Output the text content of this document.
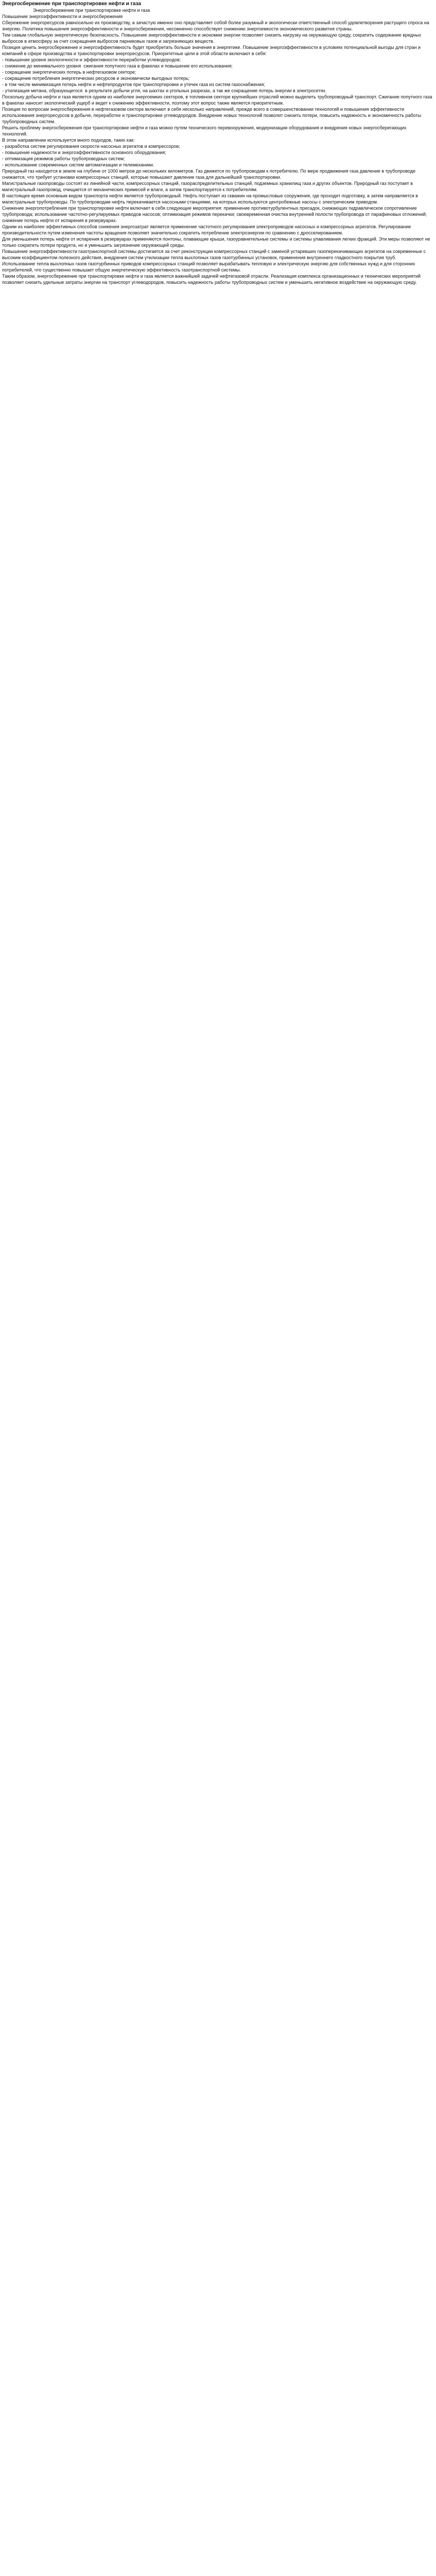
Энергосбережение при транспортировке нефти и газа
Энергосбережение при транспортировке нефти и газа

Повышение энергоэффективности и энергосбережения

Сбережение энергоресурсов равносильно их производству, а зачастую именно оно представляет собой более разумный и экологически ответственный способ удовлетворения растущего спроса на энергию. Политика повышения энергоэффективности и энергосбережения, несомненно способствует снижению энергоемкости экономического развития страны.

Тем самым глобальную энергетическую безопасность. Повышение энергоэффективности и экономии энергии позволяет снизить нагрузку на окружающую среду, сократить содержание вредных выбросов в атмосферу за счет сокращения выбросов парниковых газов и загрязняющих веществ.

Позиция ценить энергосбережение и энергоэффективность будет приобретать больше значения в энергетике. Повышение энергоэффективности в условиях потенциальной выгоды для стран и компаний в сфере производства и транспортировки энергоресурсов. Приоритетные цели в этой области включают в себя:

- повышение уровня экологичности и эффективности переработки углеводородов;

- снижение до минимального уровня  сжигания попутного газа в факелах и повышение его использования;

- сокращение энергетических потерь в нефтегазовом секторе;

- сокращение потребления энергетических ресурсов и экономически выгодных потерь;

- в том числе минимизация потерь нефти и нефтепродуктов при транспортировке и утечек газа из систем газоснабжения;

- утилизация метана, образующегося  в результате добычи угля, на шахтах и угольных разрезах, а так же сокращение потерь энергии в электросетях.

Поскольку добыча нефти и газа является одним из наиболее энергоемких секторов, в топливном секторе крупнейших отраслей можно выделить трубопроводный транспорт. Сжигание попутного газа в факелах наносит экологический ущерб и ведет к снижению эффективности, поэтому этот вопрос также является приоритетным.

Позиции по вопросам энергосбережения в нефтегазовом секторе включают в себя несколько направлений, прежде всего в совершенствовании технологий и повышения эффективности использования энергоресурсов в добыче, переработке и транспортировке углеводородов. Внедрение новых технологий позволит снизить потери, повысить надежность и экономичность работы трубопроводных систем.

Решить проблему энергосбережения при транспортировке нефти и газа можно путем технического перевооружения, модернизации оборудования и внедрения новых энергосберегающих технологий.

В этом направлении используется много подходов, таких как:

- разработка систем регулирования скорости насосных агрегатов и компрессоров;

- повышение надежности и энергоэффективности основного оборудования;

- оптимизация режимов работы трубопроводных систем;

- использование современных систем автоматизации и телемеханики.

Природный газ находится в земле на глубине от 1000 метров до нескольких километров. Газ движется по трубопроводам к потребителю. По мере продвижения газа давление в трубопроводе снижается, что требует установки компрессорных станций, которые повышают давление газа для дальнейшей транспортировки.

Магистральные газопроводы состоят из линейной части, компрессорных станций, газораспределительных станций, подземных хранилищ газа и других объектов. Природный газ поступает в магистральный газопровод, очищается от механических примесей и влаги, а затем транспортируется к потребителям.

В настоящее время основным видом транспорта нефти является трубопроводный. Нефть поступает из скважин на промысловые сооружения, где проходит подготовку, а затем направляется в магистральные трубопроводы. По трубопроводам нефть перекачивается насосными станциями, на которых используются центробежные насосы с электрическим приводом.

Снижение энергопотребления при транспортировке нефти включает в себя следующие мероприятия: применение противотурбулентных присадок, снижающих гидравлическое сопротивление трубопровода; использование частотно-регулируемых приводов насосов; оптимизация режимов перекачки; своевременная очистка внутренней полости трубопровода от парафиновых отложений; снижение потерь нефти от испарения в резервуарах.

Одним из наиболее эффективных способов снижения энергозатрат является применение частотного регулирования электроприводов насосных и компрессорных агрегатов. Регулирование производительности путем изменения частоты вращения позволяет значительно сократить потребление электроэнергии по сравнению с дросселированием.

Для уменьшения потерь нефти от испарения в резервуарах применяются понтоны, плавающие крыши, газоуравнительные системы и системы улавливания легких фракций. Эти меры позволяют не только сократить потери продукта, но и уменьшить загрязнение окружающей среды.

Повышение энергоэффективности газотранспортной системы достигается за счет реконструкции компрессорных станций с заменой устаревших газоперекачивающих агрегатов на современные с высоким коэффициентом полезного действия, внедрения систем утилизации тепла выхлопных газов газотурбинных установок, применения внутреннего гладкостного покрытия труб.

Использование тепла выхлопных газов газотурбинных приводов компрессорных станций позволяет вырабатывать тепловую и электрическую энергию для собственных нужд и для сторонних потребителей, что существенно повышает общую энергетическую эффективность газотранспортной системы.

Таким образом, энергосбережение при транспортировке нефти и газа является важнейшей задачей нефтегазовой отрасли. Реализация комплекса организационных и технических мероприятий позволяет снизить удельные затраты энергии на транспорт углеводородов, повысить надежность работы трубопроводных систем и уменьшить негативное воздействие на окружающую среду.
